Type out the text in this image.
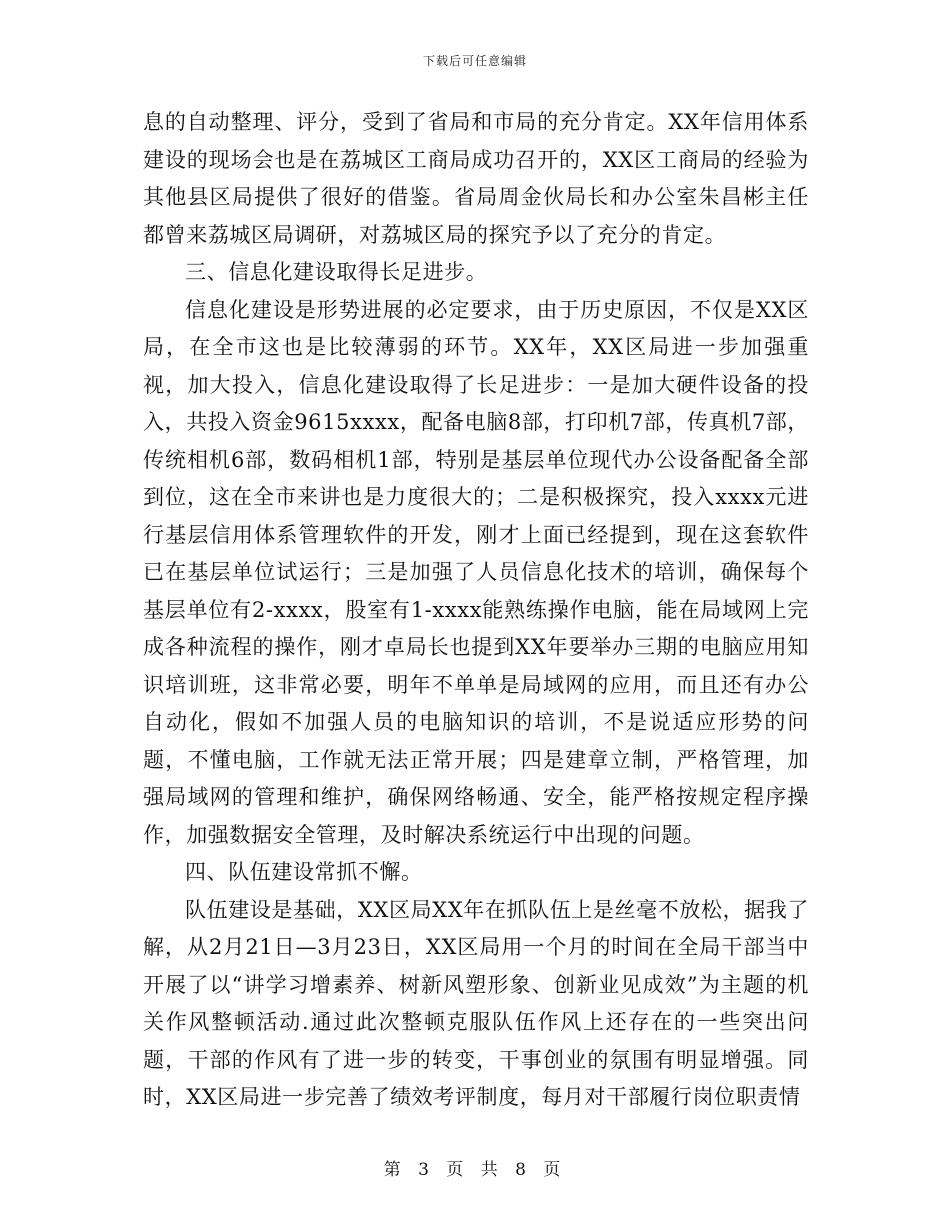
下载后可任意编辑

息的自动整理、评分，受到了省局和市局的充分肯定。XX年信用体系建设的现场会也是在荔城区工商局成功召开的，XX区工商局的经验为其他县区局提供了很好的借鉴。省局周金伙局长和办公室朱昌彬主任都曾来荔城区局调研，对荔城区局的探究予以了充分的肯定。

三、信息化建设取得长足进步。

信息化建设是形势进展的必定要求，由于历史原因，不仅是XX区局，在全市这也是比较薄弱的环节。XX年，XX区局进一步加强重视，加大投入，信息化建设取得了长足进步：一是加大硬件设备的投入，共投入资金9615xxxx，配备电脑8部，打印机7部，传真机7部，传统相机6部，数码相机1部，特别是基层单位现代办公设备配备全部到位，这在全市来讲也是力度很大的；二是积极探究，投入xxxx元进行基层信用体系管理软件的开发，刚才上面已经提到，现在这套软件已在基层单位试运行；三是加强了人员信息化技术的培训，确保每个基层单位有2-xxxx，股室有1-xxxx能熟练操作电脑，能在局域网上完成各种流程的操作，刚才卓局长也提到XX年要举办三期的电脑应用知识培训班，这非常必要，明年不单单是局域网的应用，而且还有办公自动化，假如不加强人员的电脑知识的培训，不是说适应形势的问题，不懂电脑，工作就无法正常开展；四是建章立制，严格管理，加强局域网的管理和维护，确保网络畅通、安全，能严格按规定程序操作，加强数据安全管理，及时解决系统运行中出现的问题。

四、队伍建设常抓不懈。

队伍建设是基础，XX区局XX年在抓队伍上是丝毫不放松，据我了解，从2月21日—3月23日，XX区局用一个月的时间在全局干部当中开展了以“讲学习增素养、树新风塑形象、创新业见成效”为主题的机关作风整顿活动.通过此次整顿克服队伍作风上还存在的一些突出问题，干部的作风有了进一步的转变，干事创业的氛围有明显增强。同时，XX区局进一步完善了绩效考评制度，每月对干部履行岗位职责情

第 3 页 共 8 页
